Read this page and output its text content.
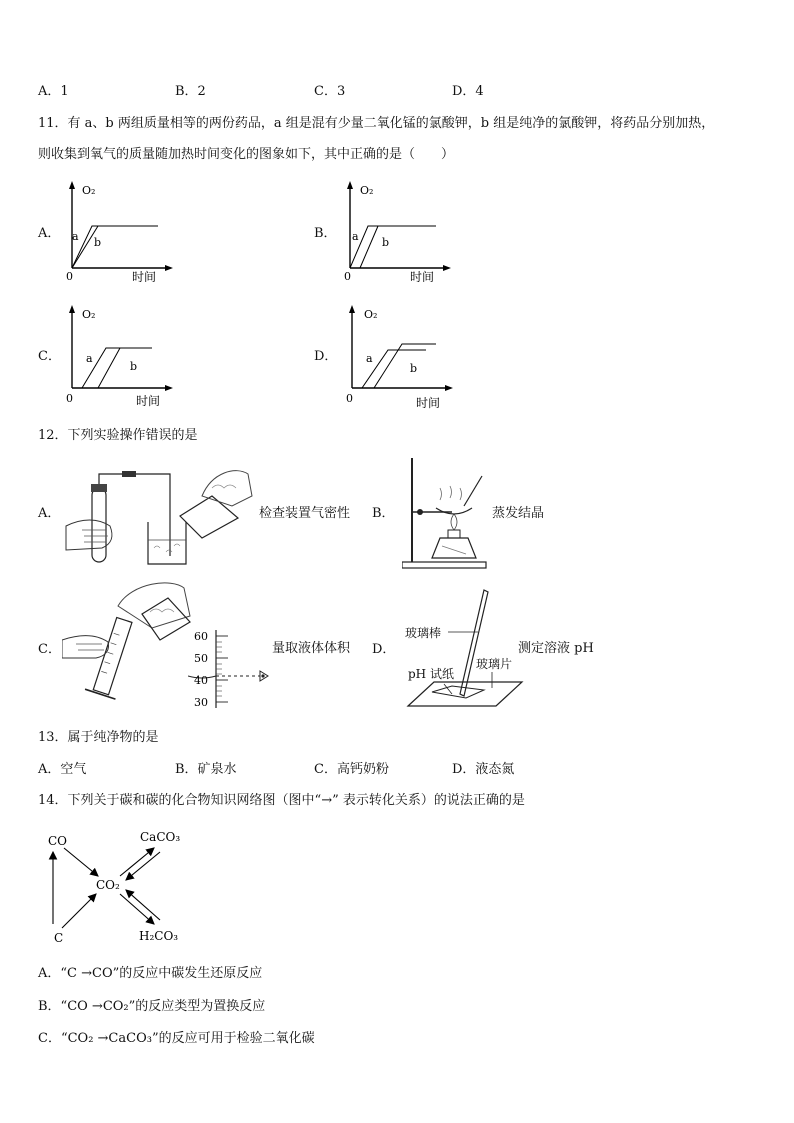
A．1	B．2	C．3	D．4
11．有 a、b 两组质量相等的两份药品，a 组是混有少量二氧化锰的氯酸钾，b 组是纯净的氯酸钾，将药品分别加热，
则收集到氧气的质量随加热时间变化的图象如下，其中正确的是（　　）
A．	B．
C．	D．
O₂
a b
0	时间
O₂
a b
0	时间
O₂
a
b
0	时间
O₂
a
b
0	时间
12．下列实验操作错误的是
A．	B．
C．	D．
检查装置气密性	蒸发结晶
60
50
40
30
量取液体体积
玻璃棒
pH 试纸
玻璃片
测定溶液 pH
13．属于纯净物的是
A．空气	B．矿泉水	C．高钙奶粉	D．液态氮
14．下列关于碳和碳的化合物知识网络图（图中“→” 表示转化关系）的说法正确的是
CO	CaCO₃
CO₂
C	H₂CO₃
A．“C →CO”的反应中碳发生还原反应
B．“CO →CO₂”的反应类型为置换反应
C．“CO₂ →CaCO₃”的反应可用于检验二氧化碳
